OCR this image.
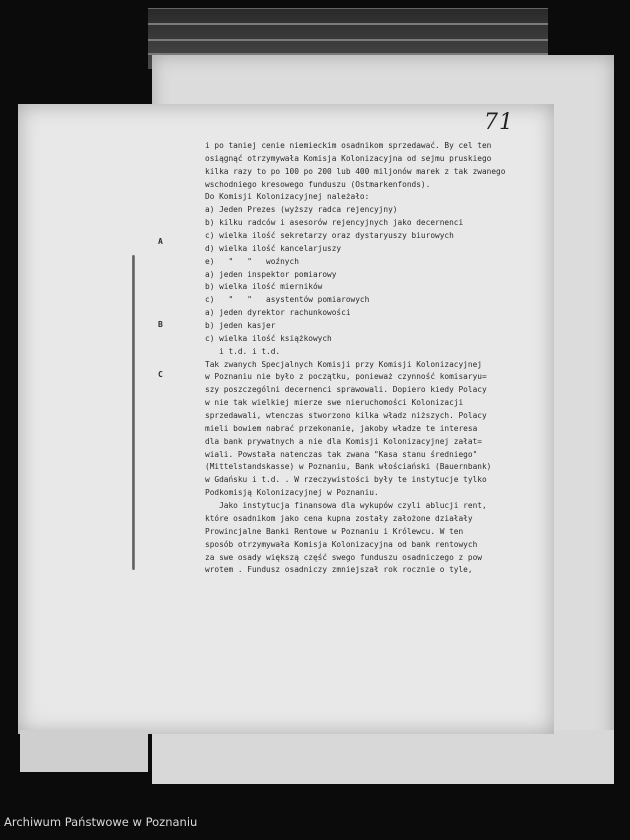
71
A
B
C
i po taniej cenie niemieckim osadnikom sprzedawać. By cel ten
osiągnąć otrzymywała Komisja Kolonizacyjna od sejmu pruskiego
kilka razy to po 100 po 200 lub 400 miljonów marek z tak zwanego
wschodniego kresowego funduszu (Ostmarkenfonds).
Do Komisji Kolonizacyjnej należało:
a) Jeden Prezes (wyższy radca rejencyjny)
b) kilku radców i asesorów rejencyjnych jako decernenci
c) wielka ilość sekretarzy oraz dystaryuszy biurowych
d) wielka ilość kancelarjuszy
e)   "   "   woźnych
a) jeden inspektor pomiarowy
b) wielka ilość mierników
c)   "   "   asystentów pomiarowych
a) jeden dyrektor rachunkowości
b) jeden kasjer
c) wielka ilość książkowych
i t.d. i t.d.
Tak zwanych Specjalnych Komisji przy Komisji Kolonizacyjnej
w Poznaniu nie było z początku, ponieważ czynność komisaryu=
szy poszczególni decernenci sprawowali. Dopiero kiedy Polacy
w nie tak wielkiej mierze swe nieruchomości Kolonizacji
sprzedawali, wtenczas stworzono kilka władz niższych. Polacy
mieli bowiem nabrać przekonanie, jakoby władze te interesa
dla bank prywatnych a nie dla Komisji Kolonizacyjnej załat=
wiali. Powstała natenczas tak zwana "Kasa stanu średniego"
(Mittelstandskasse) w Poznaniu, Bank włościański (Bauernbank)
w Gdańsku i t.d. . W rzeczywistości były te instytucje tylko
Podkomisją Kolonizacyjnej w Poznaniu.
Jako instytucja finansowa dla wykupów czyli ablucji rent,
które osadnikom jako cena kupna zostały założone działały
Prowincjalne Banki Rentowe w Poznaniu i Królewcu. W ten
sposób otrzymywała Komisja Kolonizacyjna od bank rentowych
za swe osady większą część swego funduszu osadniczego z pow
wrotem . Fundusz osadniczy zmniejszał rok rocznie o tyle,
Archiwum Państwowe w Poznaniu
